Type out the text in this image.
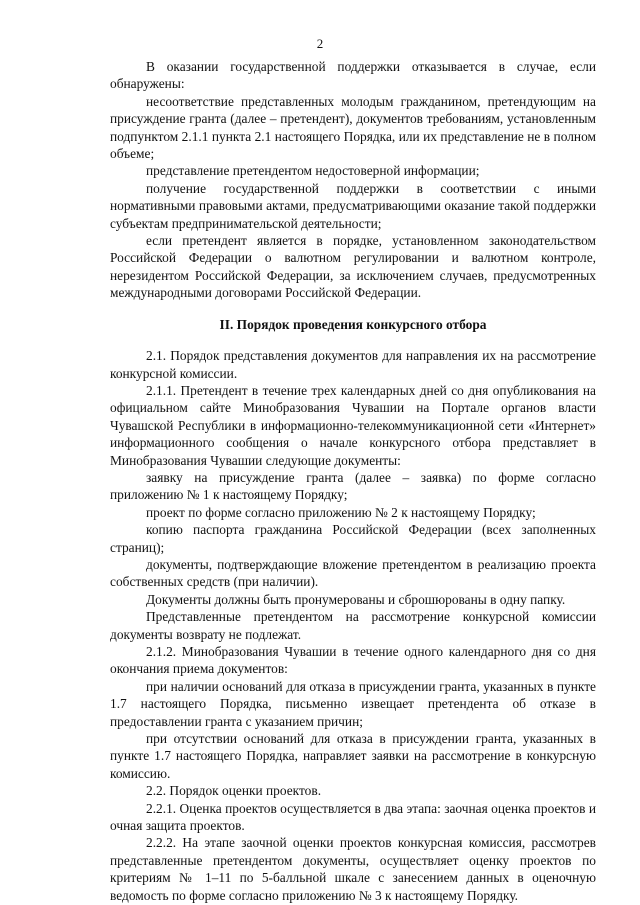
2

В оказании государственной поддержки отказывается в случае, если обнаружены:

несоответствие представленных молодым гражданином, претендующим на присуждение гранта (далее – претендент), документов требованиям, установленным подпунктом 2.1.1 пункта 2.1 настоящего Порядка, или их представление не в полном объеме;

представление претендентом недостоверной информации;

получение государственной поддержки в соответствии с иными нормативными правовыми актами, предусматривающими оказание такой поддержки субъектам предпринимательской деятельности;

если претендент является в порядке, установленном законодательством Российской Федерации о валютном регулировании и валютном контроле, нерезидентом Российской Федерации, за исключением случаев, предусмотренных международными договорами Российской Федерации.

II. Порядок проведения конкурсного отбора

2.1. Порядок представления документов для направления их на рассмотрение конкурсной комиссии.

2.1.1. Претендент в течение трех календарных дней со дня опубликования на официальном сайте Минобразования Чувашии на Портале органов власти Чувашской Республики в информационно-телекоммуникационной сети «Интернет» информационного сообщения о начале конкурсного отбора представляет в Минобразования Чувашии следующие документы:

заявку на присуждение гранта (далее – заявка) по форме согласно приложению № 1 к настоящему Порядку;

проект по форме согласно приложению № 2 к настоящему Порядку;

копию паспорта гражданина Российской Федерации (всех заполненных страниц);

документы, подтверждающие вложение претендентом в реализацию проекта собственных средств (при наличии).

Документы должны быть пронумерованы и сброшюрованы в одну папку.

Представленные претендентом на рассмотрение конкурсной комиссии документы возврату не подлежат.

2.1.2. Минобразования Чувашии в течение одного календарного дня со дня окончания приема документов:

при наличии оснований для отказа в присуждении гранта, указанных в пункте 1.7 настоящего Порядка, письменно извещает претендента об отказе в предоставлении гранта с указанием причин;

при отсутствии оснований для отказа в присуждении гранта, указанных в пункте 1.7 настоящего Порядка, направляет заявки на рассмотрение в конкурсную комиссию.

2.2. Порядок оценки проектов.

2.2.1. Оценка проектов осуществляется в два этапа: заочная оценка проектов и очная защита проектов.

2.2.2. На этапе заочной оценки проектов конкурсная комиссия, рассмотрев представленные претендентом документы, осуществляет оценку проектов по критериям № 1–11 по 5-балльной шкале с занесением данных в оценочную ведомость по форме согласно приложению № 3 к настоящему Порядку.
